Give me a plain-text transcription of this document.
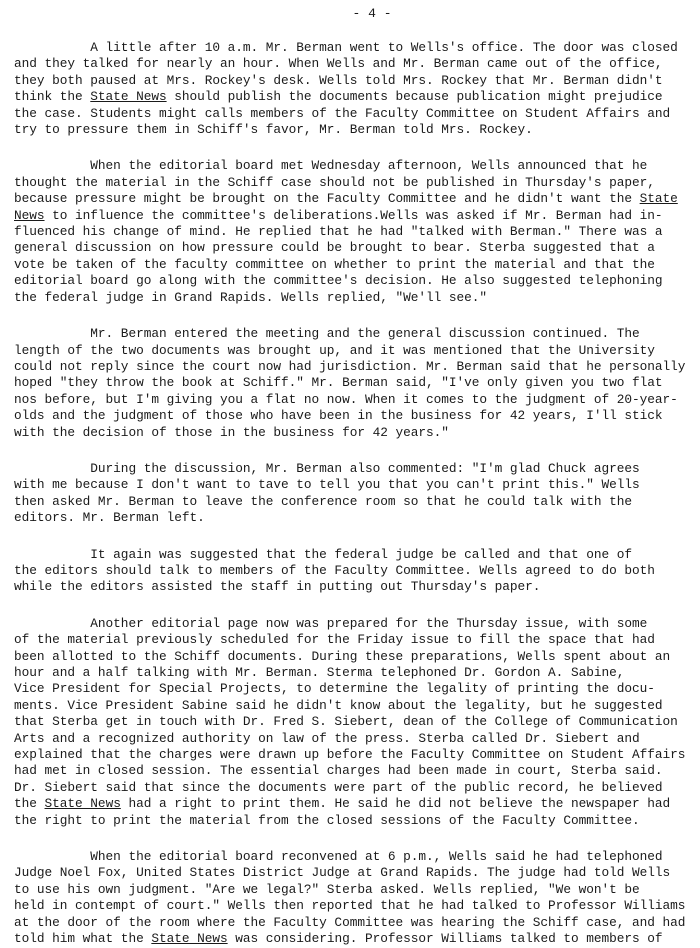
- 4 -
A little after 10 a.m. Mr. Berman went to Wells's office. The door was closed
and they talked for nearly an hour. When Wells and Mr. Berman came out of the office,
they both paused at Mrs. Rockey's desk. Wells told Mrs. Rockey that Mr. Berman didn't
think the State News should publish the documents because publication might prejudice
the case. Students might calls members of the Faculty Committee on Student Affairs and
try to pressure them in Schiff's favor, Mr. Berman told Mrs. Rockey.
When the editorial board met Wednesday afternoon, Wells announced that he
thought the material in the Schiff case should not be published in Thursday's paper,
because pressure might be brought on the Faculty Committee and he didn't want the State
News to influence the committee's deliberations.Wells was asked if Mr. Berman had in-
fluenced his change of mind. He replied that he had "talked with Berman." There was a
general discussion on how pressure could be brought to bear. Sterba suggested that a
vote be taken of the faculty committee on whether to print the material and that the
editorial board go along with the committee's decision. He also suggested telephoning
the federal judge in Grand Rapids. Wells replied, "We'll see."
Mr. Berman entered the meeting and the general discussion continued. The
length of the two documents was brought up, and it was mentioned that the University
could not reply since the court now had jurisdiction. Mr. Berman said that he personally
hoped "they throw the book at Schiff." Mr. Berman said, "I've only given you two flat
nos before, but I'm giving you a flat no now. When it comes to the judgment of 20-year-
olds and the judgment of those who have been in the business for 42 years, I'll stick
with the decision of those in the business for 42 years."
During the discussion, Mr. Berman also commented: "I'm glad Chuck agrees
with me because I don't want to tave to tell you that you can't print this." Wells
then asked Mr. Berman to leave the conference room so that he could talk with the
editors. Mr. Berman left.
It again was suggested that the federal judge be called and that one of
the editors should talk to members of the Faculty Committee. Wells agreed to do both
while the editors assisted the staff in putting out Thursday's paper.
Another editorial page now was prepared for the Thursday issue, with some
of the material previously scheduled for the Friday issue to fill the space that had
been allotted to the Schiff documents. During these preparations, Wells spent about an
hour and a half talking with Mr. Berman. Sterma telephoned Dr. Gordon A. Sabine,
Vice President for Special Projects, to determine the legality of printing the docu-
ments. Vice President Sabine said he didn't know about the legality, but he suggested
that Sterba get in touch with Dr. Fred S. Siebert, dean of the College of Communication
Arts and a recognized authority on law of the press. Sterba called Dr. Siebert and
explained that the charges were drawn up before the Faculty Committee on Student Affairs
had met in closed session. The essential charges had been made in court, Sterba said.
Dr. Siebert said that since the documents were part of the public record, he believed
the State News had a right to print them. He said he did not believe the newspaper had
the right to print the material from the closed sessions of the Faculty Committee.
When the editorial board reconvened at 6 p.m., Wells said he had telephoned
Judge Noel Fox, United States District Judge at Grand Rapids. The judge had told Wells
to use his own judgment. "Are we legal?" Sterba asked. Wells replied, "We won't be
held in contempt of court." Wells then reported that he had talked to Professor Williams
at the door of the room where the Faculty Committee was hearing the Schiff case, and had
told him what the State News was considering. Professor Williams talked to members of
